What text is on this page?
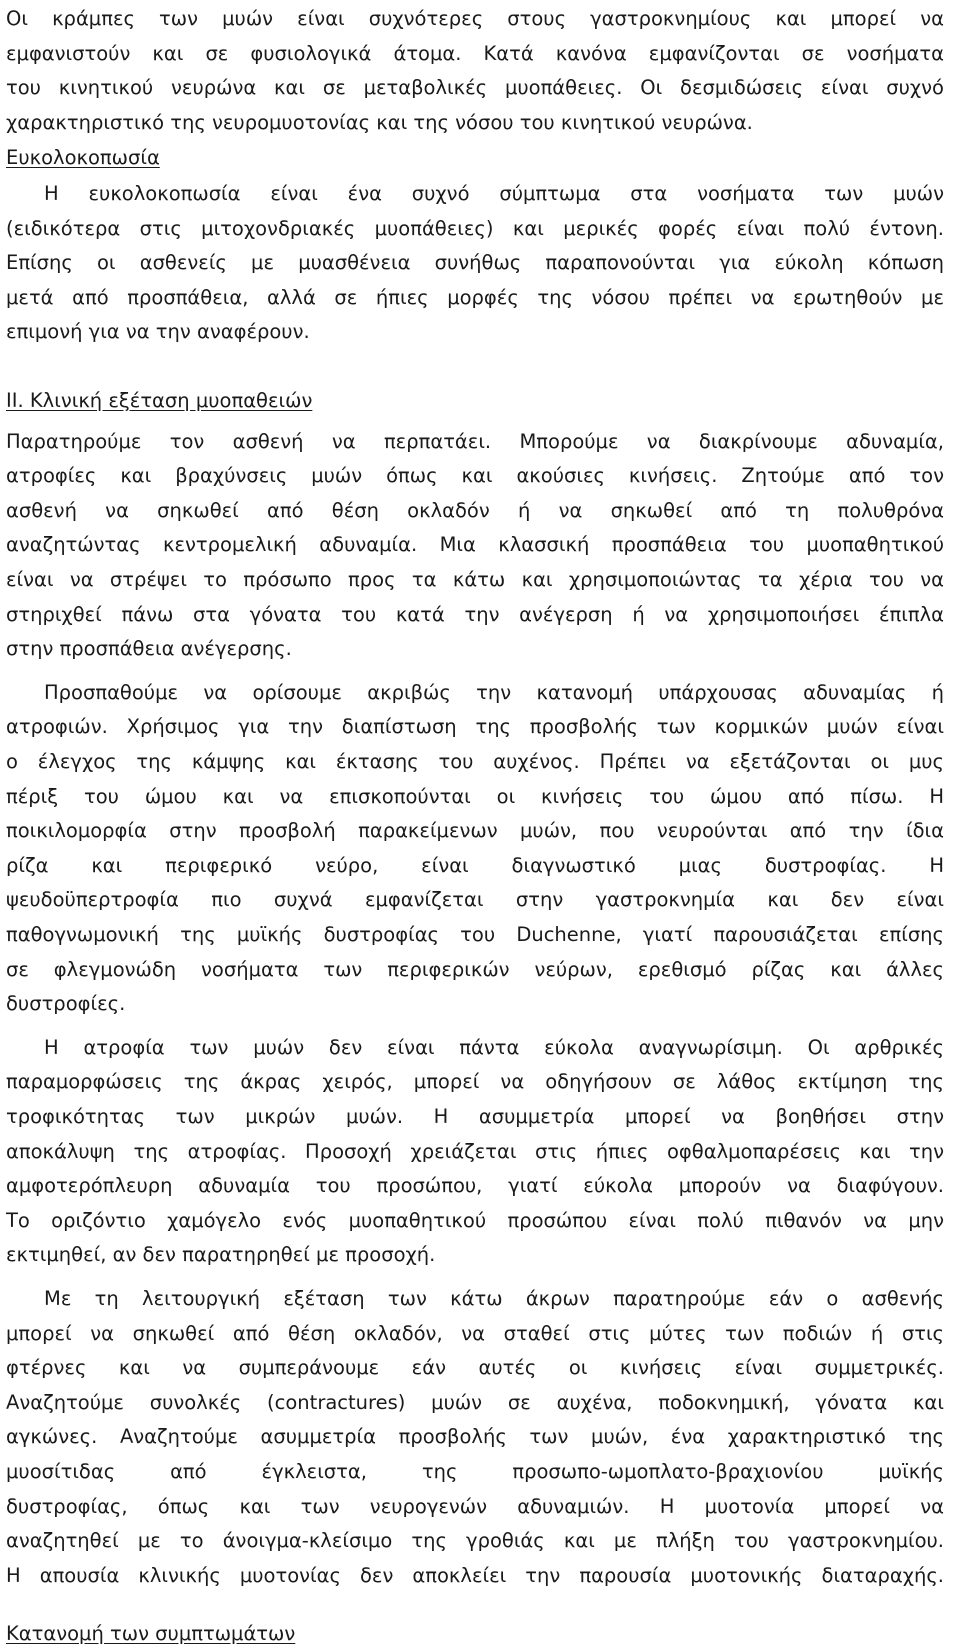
Οι κράμπες των μυών είναι συχνότερες στους γαστροκνημίους και μπορεί να
εμφανιστούν και σε φυσιολογικά άτομα. Κατά κανόνα εμφανίζονται σε νοσήματα
του κινητικού νευρώνα και σε μεταβολικές μυοπάθειες. Οι δεσμιδώσεις είναι συχνό
χαρακτηριστικό της νευρομυοτονίας και της νόσου του κινητικού νευρώνα.
Ευκολοκοπωσία
Η ευκολοκοπωσία είναι ένα συχνό σύμπτωμα στα νοσήματα των μυών
(ειδικότερα στις μιτοχονδριακές μυοπάθειες) και μερικές φορές είναι πολύ έντονη.
Επίσης οι ασθενείς με μυασθένεια συνήθως παραπονούνται για εύκολη κόπωση
μετά από προσπάθεια, αλλά σε ήπιες μορφές της νόσου πρέπει να ερωτηθούν με
επιμονή για να την αναφέρουν.
ΙΙ. Κλινική εξέταση μυοπαθειών
Παρατηρούμε τον ασθενή να περπατάει. Μπορούμε να διακρίνουμε αδυναμία,
ατροφίες και βραχύνσεις μυών όπως και ακούσιες κινήσεις. Ζητούμε από τον
ασθενή να σηκωθεί από θέση οκλαδόν ή να σηκωθεί από τη πολυθρόνα
αναζητώντας κεντρομελική αδυναμία. Μια κλασσική προσπάθεια του μυοπαθητικού
είναι να στρέψει το πρόσωπο προς τα κάτω και χρησιμοποιώντας τα χέρια του να
στηριχθεί πάνω στα γόνατα του κατά την ανέγερση ή να χρησιμοποιήσει έπιπλα
στην προσπάθεια ανέγερσης.
Προσπαθούμε να ορίσουμε ακριβώς την κατανομή υπάρχουσας αδυναμίας ή
ατροφιών. Χρήσιμος για την διαπίστωση της προσβολής των κορμικών μυών είναι
ο έλεγχος της κάμψης και έκτασης του αυχένος. Πρέπει να εξετάζονται οι μυς
πέριξ του ώμου και να επισκοπούνται οι κινήσεις του ώμου από πίσω. Η
ποικιλομορφία στην προσβολή παρακείμενων μυών, που νευρούνται από την ίδια
ρίζα και περιφερικό νεύρο, είναι διαγνωστικό μιας δυστροφίας. Η
ψευδοϋπερτροφία πιο συχνά εμφανίζεται στην γαστροκνημία και δεν είναι
παθογνωμονική της μυϊκής δυστροφίας του Duchenne, γιατί παρουσιάζεται επίσης
σε φλεγμονώδη νοσήματα των περιφερικών νεύρων, ερεθισμό ρίζας και άλλες
δυστροφίες.
Η ατροφία των μυών δεν είναι πάντα εύκολα αναγνωρίσιμη. Οι αρθρικές
παραμορφώσεις της άκρας χειρός, μπορεί να οδηγήσουν σε λάθος εκτίμηση της
τροφικότητας των μικρών μυών. Η ασυμμετρία μπορεί να βοηθήσει στην
αποκάλυψη της ατροφίας. Προσοχή χρειάζεται στις ήπιες οφθαλμοπαρέσεις και την
αμφοτερόπλευρη αδυναμία του προσώπου, γιατί εύκολα μπορούν να διαφύγουν.
Το οριζόντιο χαμόγελο ενός μυοπαθητικού προσώπου είναι πολύ πιθανόν να μην
εκτιμηθεί, αν δεν παρατηρηθεί με προσοχή.
Με τη λειτουργική εξέταση των κάτω άκρων παρατηρούμε εάν ο ασθενής
μπορεί να σηκωθεί από θέση οκλαδόν, να σταθεί στις μύτες των ποδιών ή στις
φτέρνες και να συμπεράνουμε εάν αυτές οι κινήσεις είναι συμμετρικές.
Αναζητούμε συνολκές (contractures) μυών σε αυχένα, ποδοκνημική, γόνατα και
αγκώνες. Αναζητούμε ασυμμετρία προσβολής των μυών, ένα χαρακτηριστικό της
μυοσίτιδας από έγκλειστα, της προσωπο-ωμοπλατο-βραχιονίου μυϊκής
δυστροφίας, όπως και των νευρογενών αδυναμιών. Η μυοτονία μπορεί να
αναζητηθεί με το άνοιγμα-κλείσιμο της γροθιάς και με πλήξη του γαστροκνημίου.
Η απουσία κλινικής μυοτονίας δεν αποκλείει την παρουσία μυοτονικής διαταραχής.
Κατανομή των συμπτωμάτων
